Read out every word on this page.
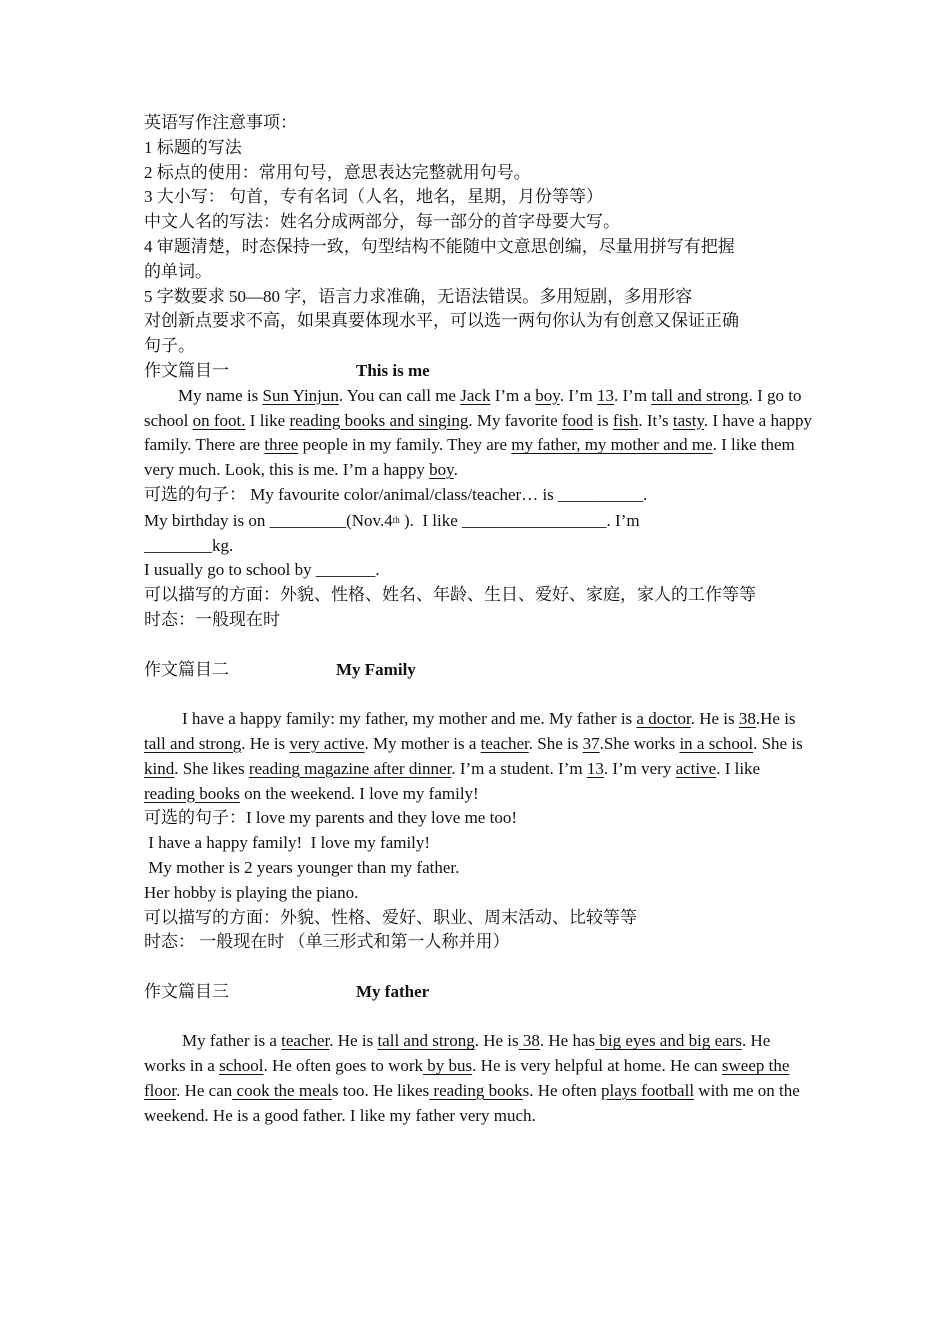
英语写作注意事项：

1 标题的写法

2 标点的使用：常用句号，意思表达完整就用句号。

3 大小写： 句首，专有名词（人名，地名，星期，月份等等）

中文人名的写法：姓名分成两部分，每一部分的首字母要大写。

4 审题清楚，时态保持一致，句型结构不能随中文意思创编，尽量用拼写有把握

的单词。

5 字数要求 50—80 字，语言力求准确，无语法错误。多用短剧，多用形容

对创新点要求不高，如果真要体现水平，可以选一两句你认为有创意又保证正确

句子。

作文篇目一	This is me

My name is Sun Yinjun. You can call me Jack I’m a boy. I’m 13. I’m tall and strong. I go to school on foot. I like reading books and singing. My favorite food is fish. It’s tasty. I have a happy family. There are three people in my family. They are my father, my mother and me. I like them very much. Look, this is me. I’m a happy boy.

可选的句子： My favourite color/animal/class/teacher… is __________.

My birthday is on _________(Nov.4th ).  I like _________________. I’m

________kg.

I usually go to school by _______.

可以描写的方面：外貌、性格、姓名、年龄、生日、爱好、家庭，家人的工作等等

时态：一般现在时

作文篇目二	My Family

I have a happy family: my father, my mother and me. My father is a doctor. He is 38.He is tall and strong. He is very active. My mother is a teacher. She is 37.She works in a school. She is kind. She likes reading magazine after dinner. I’m a student. I’m 13. I’m very active. I like reading books on the weekend. I love my family!

可选的句子：I love my parents and they love me too!

I have a happy family!  I love my family!

My mother is 2 years younger than my father.

Her hobby is playing the piano.

可以描写的方面：外貌、性格、爱好、职业、周末活动、比较等等

时态： 一般现在时 （单三形式和第一人称并用）

作文篇目三	My father

My father is a teacher. He is tall and strong. He is 38. He has big eyes and big ears. He works in a school. He often goes to work by bus. He is very helpful at home. He can sweep the floor. He can cook the meals too. He likes reading books. He often plays football with me on the weekend. He is a good father. I like my father very much.
